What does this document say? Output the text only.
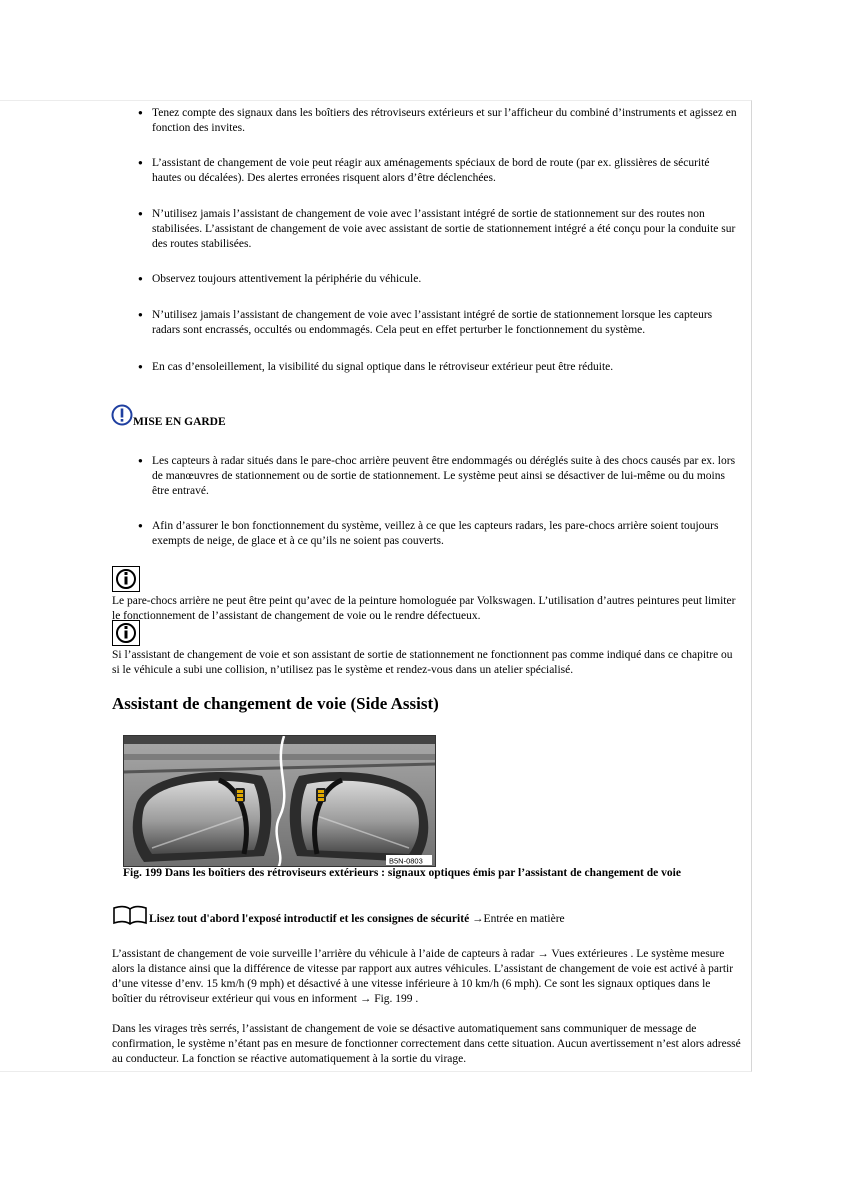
● Tenez compte des signaux dans les boîtiers des rétroviseurs extérieurs et sur l’afficheur du combiné d’instruments et agissez en fonction des invites.
● L’assistant de changement de voie peut réagir aux aménagements spéciaux de bord de route (par ex. glissières de sécurité hautes ou décalées). Des alertes erronées risquent alors d’être déclenchées.
● N’utilisez jamais l’assistant de changement de voie avec l’assistant intégré de sortie de stationnement sur des routes non stabilisées. L’assistant de changement de voie avec assistant de sortie de stationnement intégré a été conçu pour la conduite sur des routes stabilisées.
● Observez toujours attentivement la périphérie du véhicule.
● N’utilisez jamais l’assistant de changement de voie avec l’assistant intégré de sortie de stationnement lorsque les capteurs radars sont encrassés, occultés ou endommagés. Cela peut en effet perturber le fonctionnement du système.
● En cas d’ensoleillement, la visibilité du signal optique dans le rétroviseur extérieur peut être réduite.
MISE EN GARDE
● Les capteurs à radar situés dans le pare-choc arrière peuvent être endommagés ou déréglés suite à des chocs causés par ex. lors de manœuvres de stationnement ou de sortie de stationnement. Le système peut ainsi se désactiver de lui-même ou du moins être entravé.
● Afin d’assurer le bon fonctionnement du système, veillez à ce que les capteurs radars, les pare-chocs arrière soient toujours exempts de neige, de glace et à ce qu’ils ne soient pas couverts.
Le pare-chocs arrière ne peut être peint qu’avec de la peinture homologuée par Volkswagen. L’utilisation d’autres peintures peut limiter le fonctionnement de l’assistant de changement de voie ou le rendre défectueux.
Si l’assistant de changement de voie et son assistant de sortie de stationnement ne fonctionnent pas comme indiqué dans ce chapitre ou si le véhicule a subi une collision, n’utilisez pas le système et rendez-vous dans un atelier spécialisé.
Assistant de changement de voie (Side Assist)
B5N-0803
Fig. 199 Dans les boîtiers des rétroviseurs extérieurs : signaux optiques émis par l’assistant de changement de voie
Lisez tout d'abord l'exposé introductif et les consignes de sécurité →Entrée en matière
L’assistant de changement de voie surveille l’arrière du véhicule à l’aide de capteurs à radar → Vues extérieures . Le système mesure alors la distance ainsi que la différence de vitesse par rapport aux autres véhicules. L’assistant de changement de voie est activé à partir d’une vitesse d’env. 15 km/h (9 mph) et désactivé à une vitesse inférieure à 10 km/h (6 mph). Ce sont les signaux optiques dans le boîtier du rétroviseur extérieur qui vous en informent → Fig. 199 .
Dans les virages très serrés, l’assistant de changement de voie se désactive automatiquement sans communiquer de message de confirmation, le système n’étant pas en mesure de fonctionner correctement dans cette situation. Aucun avertissement n’est alors adressé au conducteur. La fonction se réactive automatiquement à la sortie du virage.
